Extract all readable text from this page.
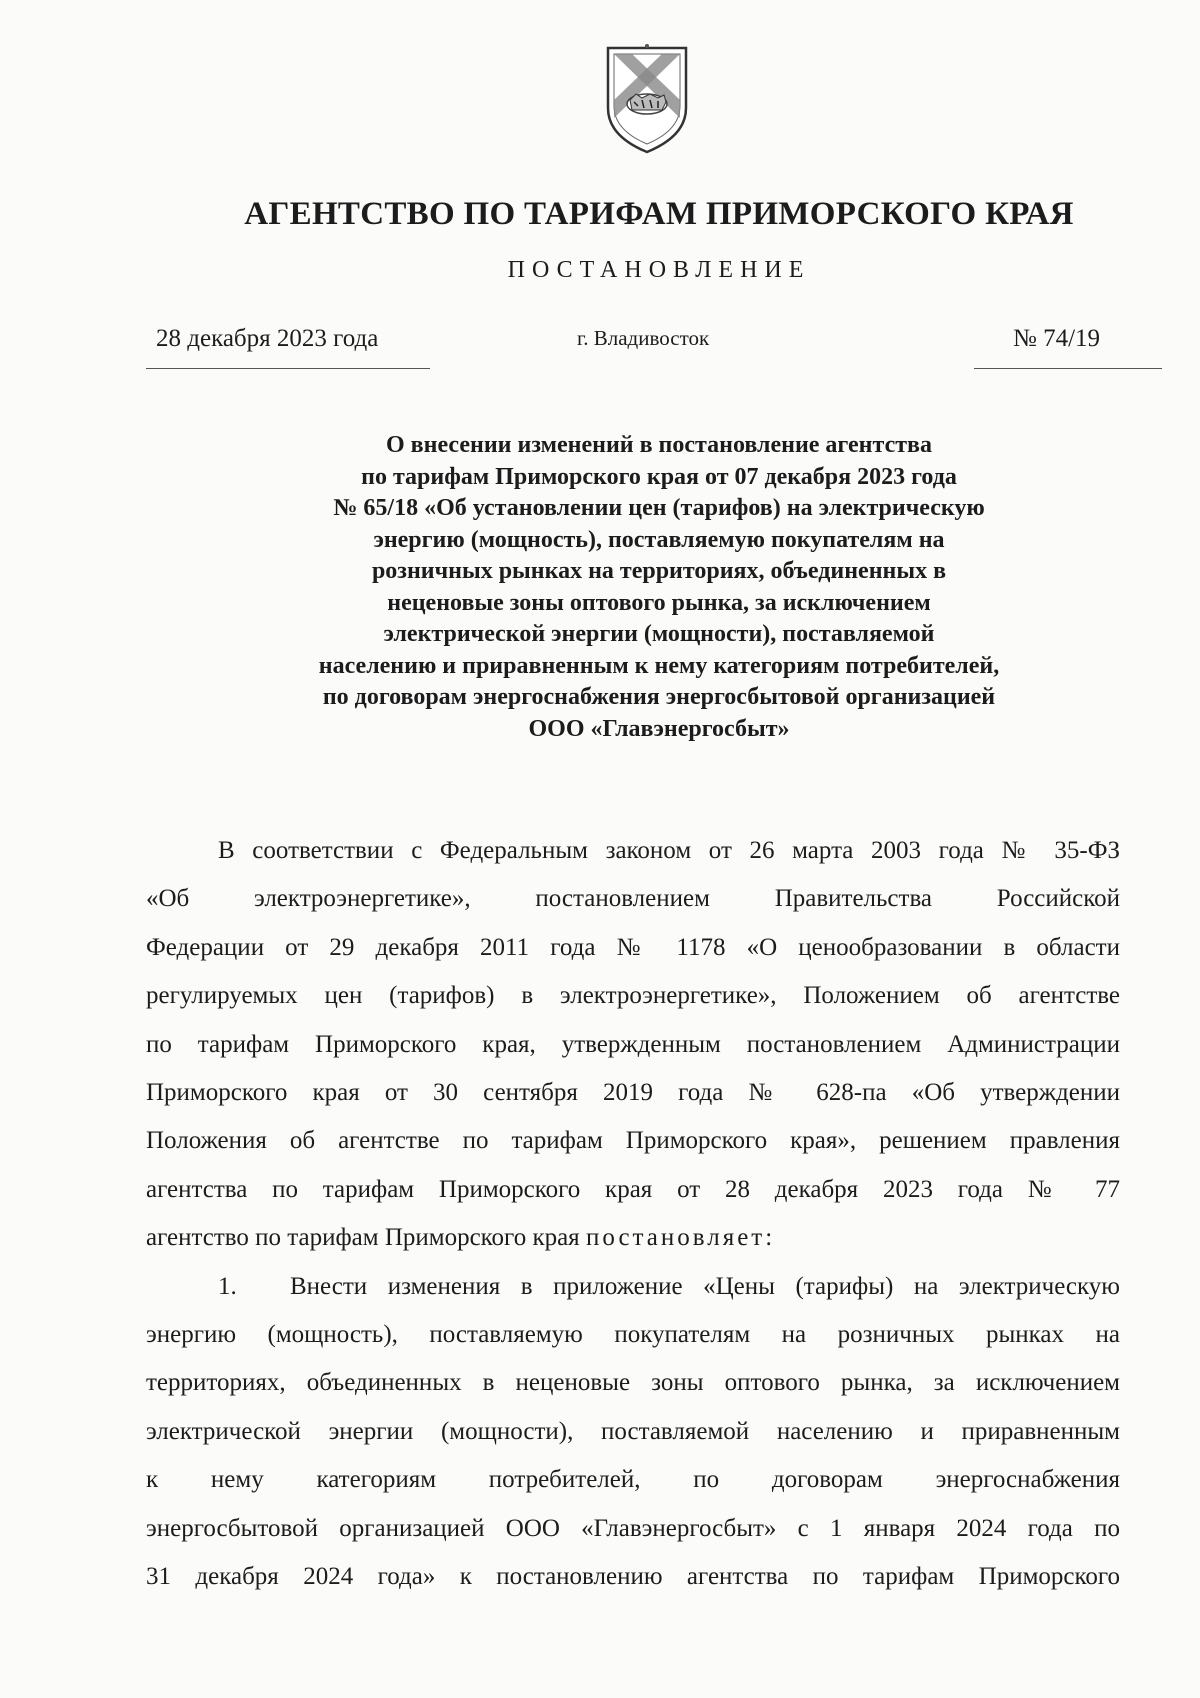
АГЕНТСТВО ПО ТАРИФАМ ПРИМОРСКОГО КРАЯ
ПОСТАНОВЛЕНИЕ
28 декабря 2023 года	г. Владивосток	№ 74/19
О внесении изменений в постановление агентства
по тарифам Приморского края от 07 декабря 2023 года
№ 65/18 «Об установлении цен (тарифов) на электрическую
энергию (мощность), поставляемую покупателям на
розничных рынках на территориях, объединенных в
неценовые зоны оптового рынка, за исключением
электрической энергии (мощности), поставляемой
населению и приравненным к нему категориям потребителей,
по договорам энергоснабжения энергосбытовой организацией
ООО «Главэнергосбыт»
В соответствии с Федеральным законом от 26 марта 2003 года № 35-ФЗ
«Об электроэнергетике», постановлением Правительства Российской
Федерации от 29 декабря 2011 года № 1178 «О ценообразовании в области
регулируемых цен (тарифов) в электроэнергетике», Положением об агентстве
по тарифам Приморского края, утвержденным постановлением Администрации
Приморского края от 30 сентября 2019 года № 628-па «Об утверждении
Положения об агентстве по тарифам Приморского края», решением правления
агентства по тарифам Приморского края от 28 декабря 2023 года № 77
агентство по тарифам Приморского края постановляет:
1. Внести изменения в приложение «Цены (тарифы) на электрическую
энергию (мощность), поставляемую покупателям на розничных рынках на
территориях, объединенных в неценовые зоны оптового рынка, за исключением
электрической энергии (мощности), поставляемой населению и приравненным
к нему категориям потребителей, по договорам энергоснабжения
энергосбытовой организацией ООО «Главэнергосбыт» с 1 января 2024 года по
31 декабря 2024 года» к постановлению агентства по тарифам Приморского
